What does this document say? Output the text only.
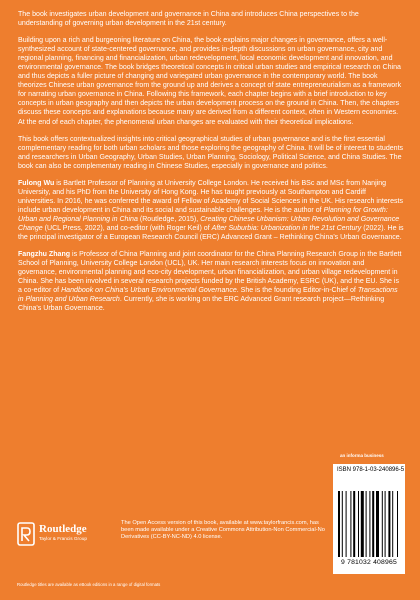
The book investigates urban development and governance in China and introduces China perspectives to the understanding of governing urban development in the 21st century.

Building upon a rich and burgeoning literature on China, the book explains major changes in governance, offers a well-synthesized account of state-centered governance, and provides in-depth discussions on urban governance, city and regional planning, financing and financialization, urban redevelopment, local economic development and innovation, and environmental governance. The book bridges theoretical concepts in critical urban studies and empirical research on China and thus depicts a fuller picture of changing and variegated urban governance in the contemporary world. The book theorizes Chinese urban governance from the ground up and derives a concept of state entrepreneurialism as a framework for narrating urban governance in China. Following this framework, each chapter begins with a brief introduction to key concepts in urban geography and then depicts the urban development process on the ground in China. Then, the chapters discuss these concepts and explanations because many are derived from a different context, often in Western economies. At the end of each chapter, the phenomenal urban changes are evaluated with their theoretical implications.

This book offers contextualized insights into critical geographical studies of urban governance and is the first essential complementary reading for both urban scholars and those exploring the geography of China. It will be of interest to students and researchers in Urban Geography, Urban Studies, Urban Planning, Sociology, Political Science, and China Studies. The book can also be complementary reading in Chinese Studies, especially in governance and politics.

Fulong Wu is Bartlett Professor of Planning at University College London. He received his BSc and MSc from Nanjing University, and his PhD from the University of Hong Kong. He has taught previously at Southampton and Cardiff universities. In 2016, he was conferred the award of Fellow of Academy of Social Sciences in the UK. His research interests include urban development in China and its social and sustainable challenges. He is the author of Planning for Growth: Urban and Regional Planning in China (Routledge, 2015), Creating Chinese Urbanism: Urban Revolution and Governance Change (UCL Press, 2022), and co-editor (with Roger Keil) of After Suburbia: Urbanization in the 21st Century (2022). He is the principal investigator of a European Research Council (ERC) Advanced Grant – Rethinking China's Urban Governance.

Fangzhu Zhang is Professor of China Planning and joint coordinator for the China Planning Research Group in the Bartlett School of Planning, University College London (UCL), UK. Her main research interests focus on innovation and governance, environmental planning and eco-city development, urban financialization, and urban village redevelopment in China. She has been involved in several research projects funded by the British Academy, ESRC (UK), and the EU. She is a co-editor of Handbook on China's Urban Environmental Governance. She is the founding Editor-in-Chief of Transactions in Planning and Urban Research. Currently, she is working on the ERC Advanced Grant research project—Rethinking China's Urban Governance.

an informa business
ISBN 978-1-03-240896-5
9 781032 408965
Routledge
Taylor & Francis Group
The Open Access version of this book, available at www.taylorfrancis.com, has been made available under a Creative Commons Attribution-Non Commercial-No Derivatives (CC-BY-NC-ND) 4.0 license.
Routledge titles are available as eBook editions in a range of digital formats
